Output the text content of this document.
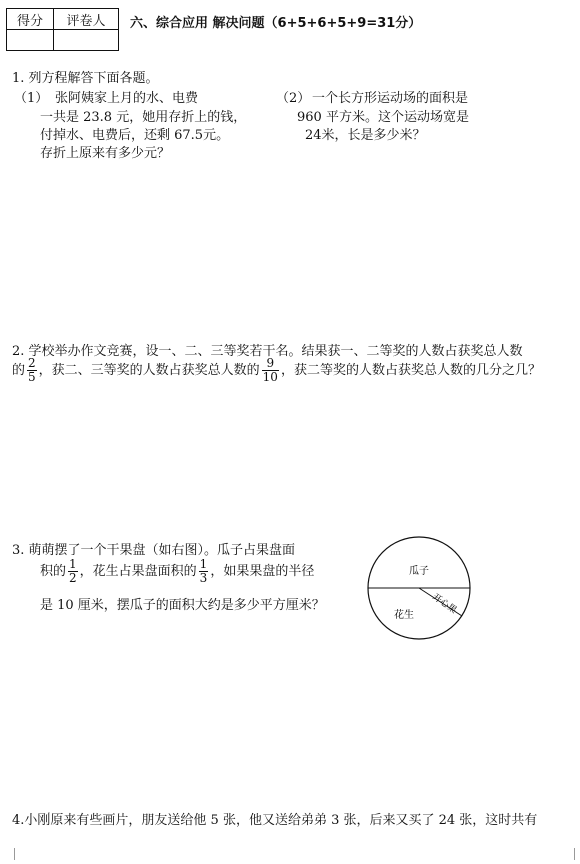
得分	评卷人
	六、综合应用 解决问题（6+5+6+5+9=31分）
1. 列方程解答下面各题。
（1） 张阿姨家上月的水、电费
一共是 23.8 元，她用存折上的钱，
付掉水、电费后，还剩 67.5元。
存折上原来有多少元？
（2） 一个长方形运动场的面积是
960 平方米。这个运动场宽是
24米，长是多少米？
2. 学校举办作文竞赛，设一、二、三等奖若干名。结果获一、二等奖的人数占获奖总人数
的 $\frac{2}{5}$ ，获二、三等奖的人数占获奖总人数的 $\frac{9}{10}$ ，获二等奖的人数占获奖总人数的几分之几？
3. 萌萌摆了一个干果盘（如右图）。瓜子占果盘面
积的 $\frac{1}{2}$ ，花生占果盘面积的 $\frac{1}{3}$ ，如果果盘的半径
是 10 厘米，摆瓜子的面积大约是多少平方厘米？
瓜子
花生 开心果
4.小刚原来有些画片，朋友送给他 5 张，他又送给弟弟 3 张，后来又买了 24 张，这时共有
